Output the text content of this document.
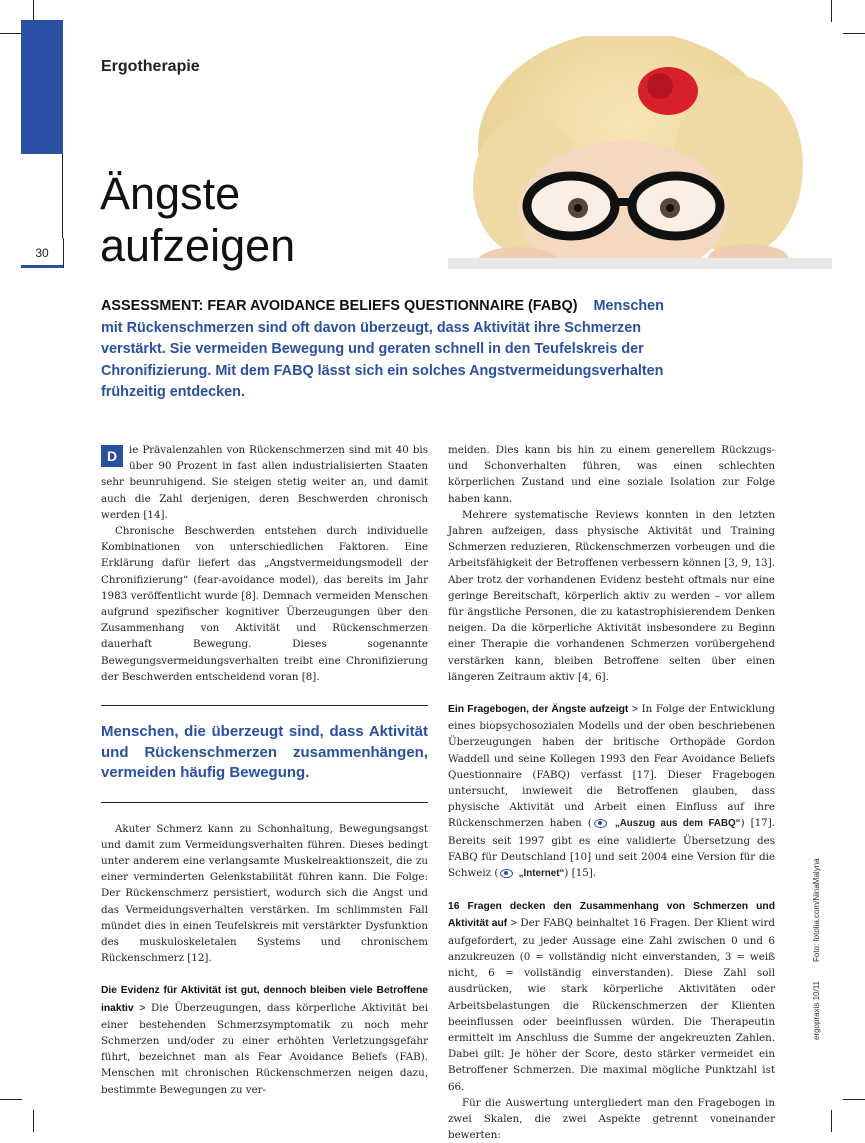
30
Ergotherapie
Ängste
aufzeigen
ASSESSMENT: FEAR AVOIDANCE BELIEFS QUESTIONNAIRE (FABQ) Menschen mit Rückenschmerzen sind oft davon überzeugt, dass Aktivität ihre Schmerzen verstärkt. Sie vermeiden Bewegung und geraten schnell in den Teufelskreis der Chronifizierung. Mit dem FABQ lässt sich ein solches Angstvermeidungsverhalten frühzeitig entdecken.

D	ie Prävalenzahlen von Rückenschmerzen sind mit 40 bis über 90 Prozent in fast allen industrialisierten Staaten sehr beunruhigend. Sie steigen stetig weiter an, und damit auch die Zahl derjenigen, deren Beschwerden chronisch werden [14].

Chronische Beschwerden entstehen durch individuelle Kombinationen von unterschiedlichen Faktoren. Eine Erklärung dafür liefert das „Angstvermeidungsmodell der Chronifizierung“ (fear-avoidance model), das bereits im Jahr 1983 veröffentlicht wurde [8]. Demnach vermeiden Menschen aufgrund spezifischer kognitiver Überzeugungen über den Zusammenhang von Aktivität und Rückenschmerzen dauerhaft Bewegung. Dieses sogenannte Bewegungsvermeidungsverhalten treibt eine Chronifizierung der Beschwerden entscheidend voran [8].

Menschen, die überzeugt sind, dass Aktivität und Rückenschmerzen zusammenhängen, vermeiden häufig Bewegung.

Akuter Schmerz kann zu Schonhaltung, Bewegungsangst und damit zum Vermeidungsverhalten führen. Dieses bedingt unter anderem eine verlangsamte Muskelreaktionszeit, die zu einer verminderten Gelenkstabilität führen kann. Die Folge: Der Rückenschmerz persistiert, wodurch sich die Angst und das Vermeidungsverhalten verstärken. Im schlimmsten Fall mündet dies in einen Teufelskreis mit verstärkter Dysfunktion des muskuloskeletalen Systems und chronischem Rückenschmerz [12].

Die Evidenz für Aktivität ist gut, dennoch bleiben viele Betroffene inaktiv > Die Überzeugungen, dass körperliche Aktivität bei einer bestehenden Schmerzsymptomatik zu noch mehr Schmerzen und/oder zu einer erhöhten Verletzungsgefahr führt, bezeichnet man als Fear Avoidance Beliefs (FAB). Menschen mit chronischen Rückenschmerzen neigen dazu, bestimmte Bewegungen zu ver-

meiden. Dies kann bis hin zu einem generellem Rückzugs- und Schonverhalten führen, was einen schlechten körperlichen Zustand und eine soziale Isolation zur Folge haben kann.

Mehrere systematische Reviews konnten in den letzten Jahren aufzeigen, dass physische Aktivität und Training Schmerzen reduzieren, Rückenschmerzen vorbeugen und die Arbeitsfähigkeit der Betroffenen verbessern können [3, 9, 13]. Aber trotz der vorhandenen Evidenz besteht oftmals nur eine geringe Bereitschaft, körperlich aktiv zu werden – vor allem für ängstliche Personen, die zu katastrophisierendem Denken neigen. Da die körperliche Aktivität insbesondere zu Beginn einer Therapie die vorhandenen Schmerzen vorübergehend verstärken kann, bleiben Betroffene selten über einen längeren Zeitraum aktiv [4, 6].

Ein Fragebogen, der Ängste aufzeigt > In Folge der Entwicklung eines biopsychosozialen Modells und der oben beschriebenen Überzeugungen haben der britische Orthopäde Gordon Waddell und seine Kollegen 1993 den Fear Avoidance Beliefs Questionnaire (FABQ) verfasst [17]. Dieser Fragebogen untersucht, inwieweit die Betroffenen glauben, dass physische Aktivität und Arbeit einen Einfluss auf ihre Rückenschmerzen haben ( „Auszug aus dem FABQ“) [17]. Bereits seit 1997 gibt es eine validierte Übersetzung des FABQ für Deutschland [10] und seit 2004 eine Version für die Schweiz ( „Internet“) [15].

16 Fragen decken den Zusammenhang von Schmerzen und Aktivität auf > Der FABQ beinhaltet 16 Fragen. Der Klient wird aufgefordert, zu jeder Aussage eine Zahl zwischen 0 und 6 anzukreuzen (0 = vollständig nicht einverstanden, 3 = weiß nicht, 6 = vollständig einverstanden). Diese Zahl soll ausdrücken, wie stark körperliche Aktivitäten oder Arbeitsbelastungen die Rückenschmerzen der Klienten beeinflussen oder beeinflussen würden. Die Therapeutin ermittelt im Anschluss die Summe der angekreuzten Zahlen. Dabei gilt: Je höher der Score, desto stärker vermeidet ein Betroffener Schmerzen. Die maximal mögliche Punktzahl ist 66.

Für die Auswertung untergliedert man den Fragebogen in zwei Skalen, die zwei Aspekte getrennt voneinander bewerten:

ergopraxis 10/11
Foto: fotolia.com/NinaMalyna
